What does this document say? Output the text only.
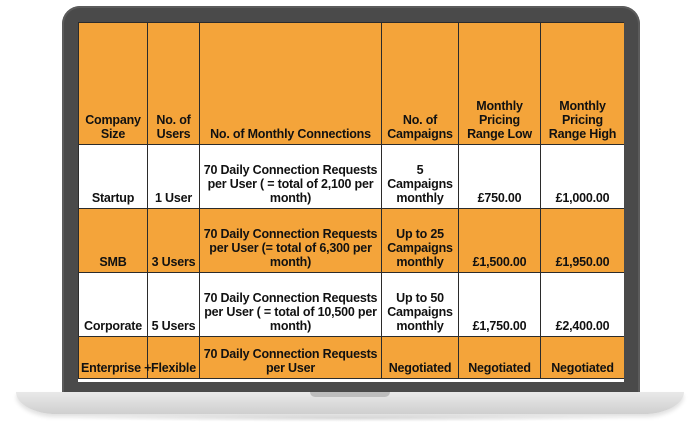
Company Size	No. of Users	No. of Monthly Connections	No. of Campaigns	Monthly Pricing Range Low	Monthly Pricing Range High
Startup	1 User	70 Daily Connection Requests per User ( = total of 2,100 per month)	5 Campaigns monthly	£750.00	£1,000.00
SMB	3 Users	70 Daily Connection Requests per User (= total of 6,300 per month)	Up to 25 Campaigns monthly	£1,500.00	£1,950.00
Corporate	5 Users	70 Daily Connection Requests per User ( = total of 10,500 per month)	Up to 50 Campaigns monthly	£1,750.00	£2,400.00
Enterprise +	Flexible	70 Daily Connection Requests per User	Negotiated	Negotiated	Negotiated
